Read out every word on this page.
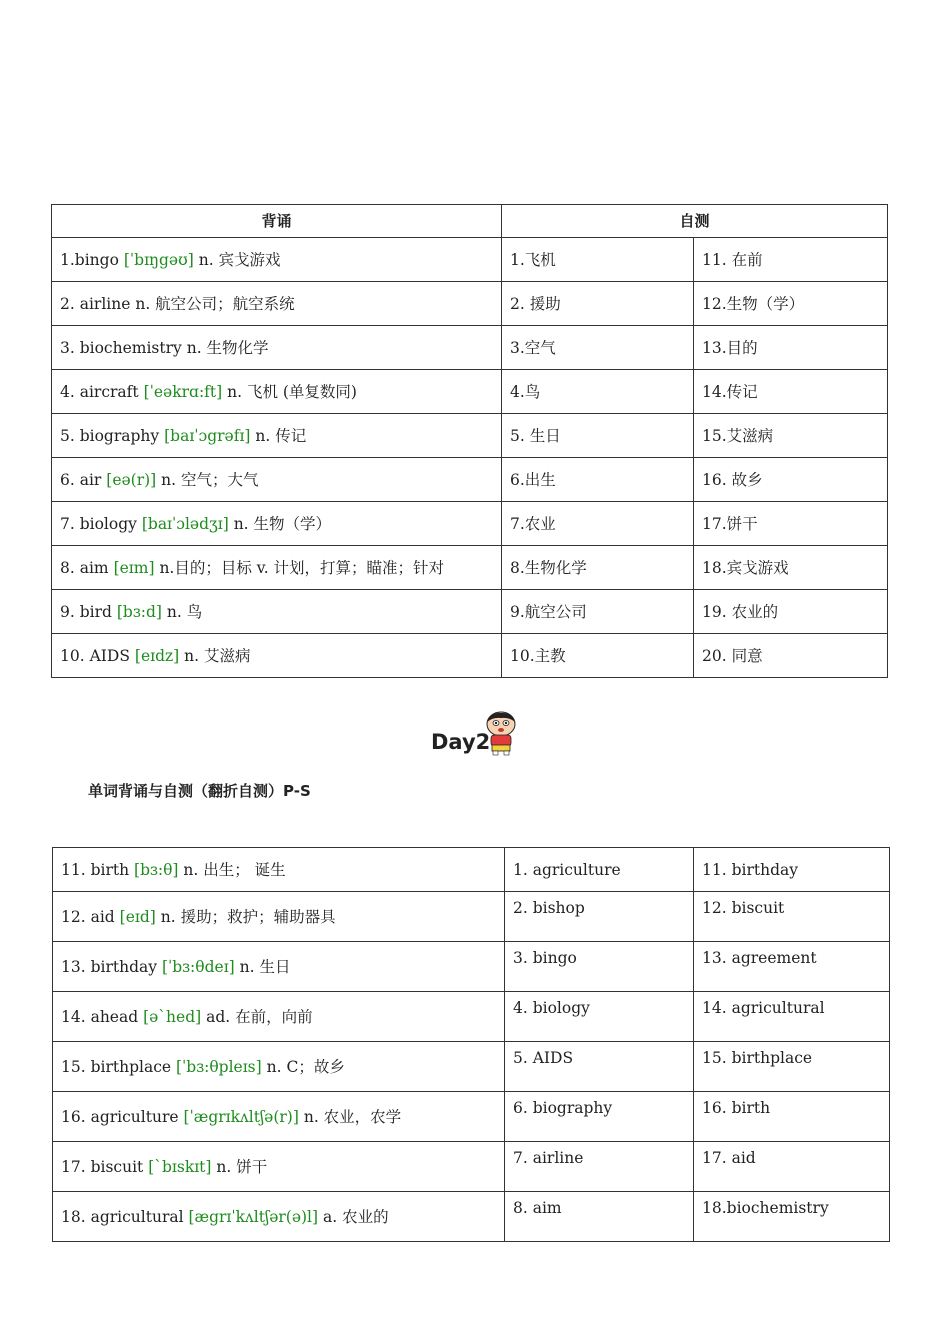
背诵	自测	
1.bingo [ˈbɪŋgəʊ] n. 宾戈游戏	1.飞机	11. 在前
2. airline n. 航空公司；航空系统	2. 援助	12.生物（学）
3. biochemistry n. 生物化学	3.空气	13.目的
4. aircraft [ˈeəkrɑ:ft] n. 飞机 (单复数同)	4.鸟	14.传记
5. biography [baɪˈɔgrəfɪ] n. 传记	5. 生日	15.艾滋病
6. air [eə(r)] n. 空气；大气	6.出生	16. 故乡
7. biology [baɪˈɔlədʒɪ] n. 生物（学）	7.农业	17.饼干
8. aim [eɪm] n.目的；目标 v. 计划，打算；瞄准；针对	8.生物化学	18.宾戈游戏
9. bird [bɜ:d] n. 鸟	9.航空公司	19. 农业的
10. AIDS [eɪdz] n. 艾滋病	10.主教	20. 同意
Day2
单词背诵与自测（翻折自测）P-S
11. birth [bɜ:θ] n. 出生； 诞生	1. agriculture	11. birthday
12. aid [eɪd] n. 援助；救护；辅助器具	2. bishop	12. biscuit
13. birthday [ˈbɜ:θdeɪ] n. 生日	3. bingo	13. agreement
14. ahead [əˋhed] ad. 在前，向前	4. biology	14. agricultural
15. birthplace [ˈbɜ:θpleɪs] n. C；故乡	5. AIDS	15. birthplace
16. agriculture [ˈægrɪkʌltʃə(r)] n. 农业，农学	6. biography	16. birth
17. biscuit [ˋbɪskɪt] n. 饼干	7. airline	17. aid
18. agricultural [ægrɪˈkʌltʃər(ə)l] a. 农业的	8. aim	18.biochemistry
